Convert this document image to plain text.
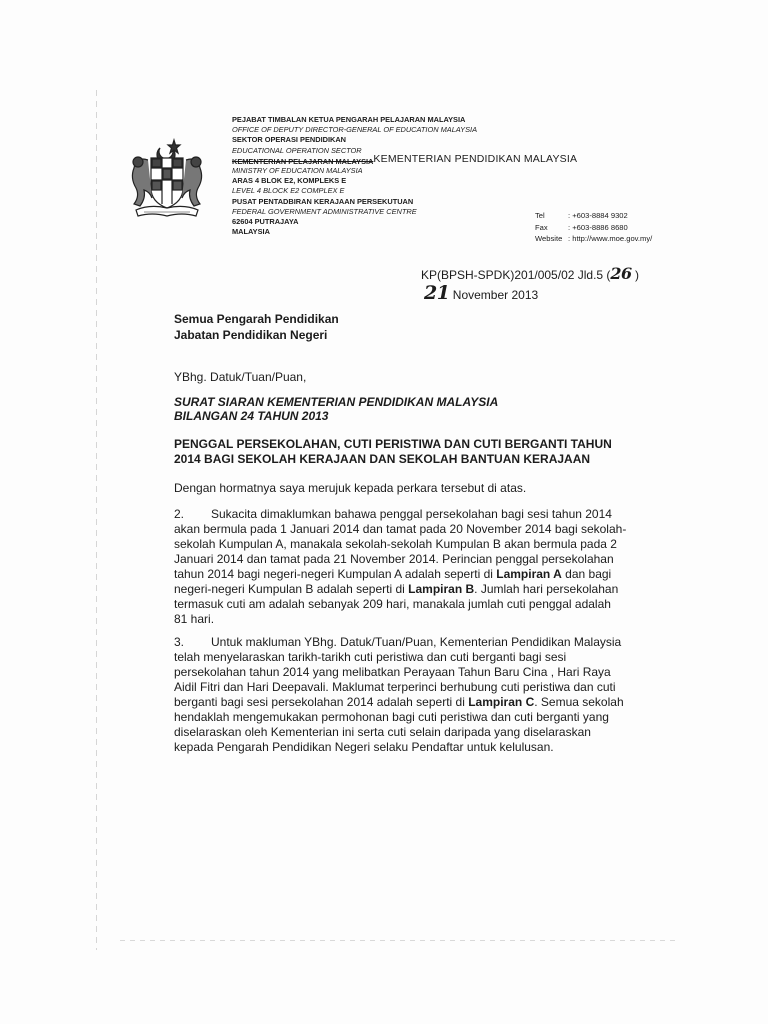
PEJABAT TIMBALAN KETUA PENGARAH PELAJARAN MALAYSIA
OFFICE OF DEPUTY DIRECTOR-GENERAL OF EDUCATION MALAYSIA
SEKTOR OPERASI PENDIDIKAN
EDUCATIONAL OPERATION SECTOR
KEMENTERIAN PELAJARAN MALAYSIAKEMENTERIAN PENDIDIKAN MALAYSIA
MINISTRY OF EDUCATION MALAYSIA
ARAS 4 BLOK E2, KOMPLEKS E
LEVEL 4 BLOCK E2 COMPLEX E
PUSAT PENTADBIRAN KERAJAAN PERSEKUTUAN
FEDERAL GOVERNMENT ADMINISTRATIVE CENTRE
62604 PUTRAJAYA
MALAYSIA
Tel	: +603-8884 9302
Fax	: +603-8886 8680
Website : http://www.moe.gov.my/
KP(BPSH-SPDK)201/005/02 Jld.5 (26 )
21 November 2013
Semua Pengarah Pendidikan
Jabatan Pendidikan Negeri
YBhg. Datuk/Tuan/Puan,
SURAT SIARAN KEMENTERIAN PENDIDIKAN MALAYSIA
BILANGAN 24 TAHUN 2013
PENGGAL PERSEKOLAHAN, CUTI PERISTIWA DAN CUTI BERGANTI TAHUN
2014 BAGI SEKOLAH KERAJAAN DAN SEKOLAH BANTUAN KERAJAAN
Dengan hormatnya saya merujuk kepada perkara tersebut di atas.
2. Sukacita dimaklumkan bahawa penggal persekolahan bagi sesi tahun 2014
akan bermula pada 1 Januari 2014 dan tamat pada 20 November 2014 bagi sekolah-
sekolah Kumpulan A, manakala sekolah-sekolah Kumpulan B akan bermula pada 2
Januari 2014 dan tamat pada 21 November 2014. Perincian penggal persekolahan
tahun 2014 bagi negeri-negeri Kumpulan A adalah seperti di Lampiran A dan bagi
negeri-negeri Kumpulan B adalah seperti di Lampiran B. Jumlah hari persekolahan
termasuk cuti am adalah sebanyak 209 hari, manakala jumlah cuti penggal adalah
81 hari.
3. Untuk makluman YBhg. Datuk/Tuan/Puan, Kementerian Pendidikan Malaysia
telah menyelaraskan tarikh-tarikh cuti peristiwa dan cuti berganti bagi sesi
persekolahan tahun 2014 yang melibatkan Perayaan Tahun Baru Cina , Hari Raya
Aidil Fitri dan Hari Deepavali. Maklumat terperinci berhubung cuti peristiwa dan cuti
berganti bagi sesi persekolahan 2014 adalah seperti di Lampiran C. Semua sekolah
hendaklah mengemukakan permohonan bagi cuti peristiwa dan cuti berganti yang
diselaraskan oleh Kementerian ini serta cuti selain daripada yang diselaraskan
kepada Pengarah Pendidikan Negeri selaku Pendaftar untuk kelulusan.
